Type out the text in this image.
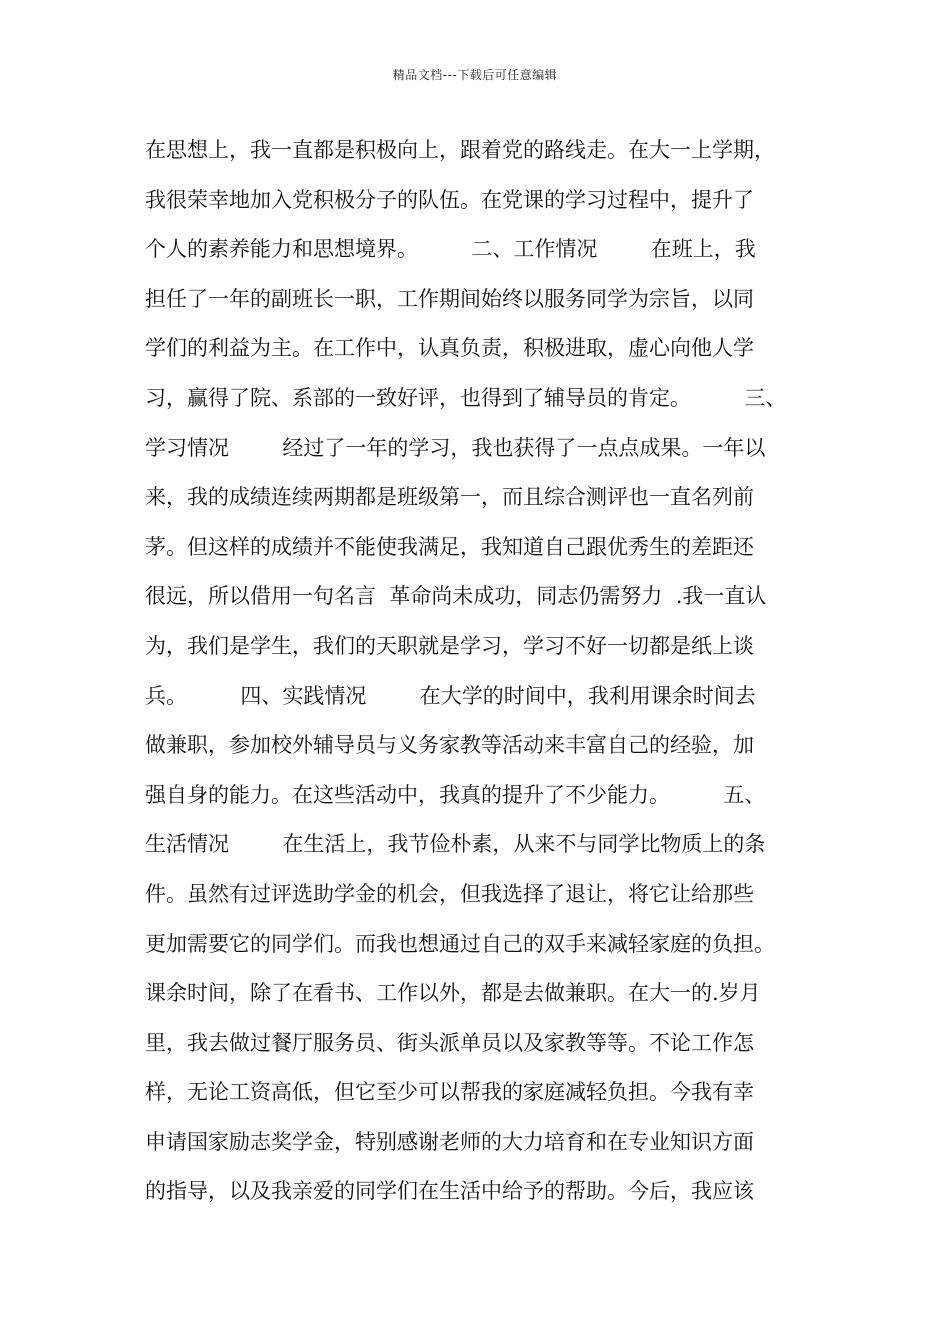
精品文档---下载后可任意编辑
在思想上，我一直都是积极向上，跟着党的路线走。在大一上学期，
我很荣幸地加入党积极分子的队伍。在党课的学习过程中，提升了
个人的素养能力和思想境界。        二、工作情况        在班上，我
担任了一年的副班长一职，工作期间始终以服务同学为宗旨，以同
学们的利益为主。在工作中，认真负责，积极进取，虚心向他人学
习，赢得了院、系部的一致好评，也得到了辅导员的肯定。        三、
学习情况        经过了一年的学习，我也获得了一点点成果。一年以
来，我的成绩连续两期都是班级第一，而且综合测评也一直名列前
茅。但这样的成绩并不能使我满足，我知道自己跟优秀生的差距还
很远，所以借用一句名言  革命尚未成功，同志仍需努力  .我一直认
为，我们是学生，我们的天职就是学习，学习不好一切都是纸上谈
兵。        四、实践情况        在大学的时间中，我利用课余时间去
做兼职，参加校外辅导员与义务家教等活动来丰富自己的经验，加
强自身的能力。在这些活动中，我真的提升了不少能力。        五、
生活情况        在生活上，我节俭朴素，从来不与同学比物质上的条
件。虽然有过评选助学金的机会，但我选择了退让，将它让给那些
更加需要它的同学们。而我也想通过自己的双手来减轻家庭的负担。
课余时间，除了在看书、工作以外，都是去做兼职。在大一的.岁月
里，我去做过餐厅服务员、街头派单员以及家教等等。不论工作怎
样，无论工资高低，但它至少可以帮我的家庭减轻负担。今我有幸
申请国家励志奖学金，特别感谢老师的大力培育和在专业知识方面
的指导，以及我亲爱的同学们在生活中给予的帮助。今后，我应该
